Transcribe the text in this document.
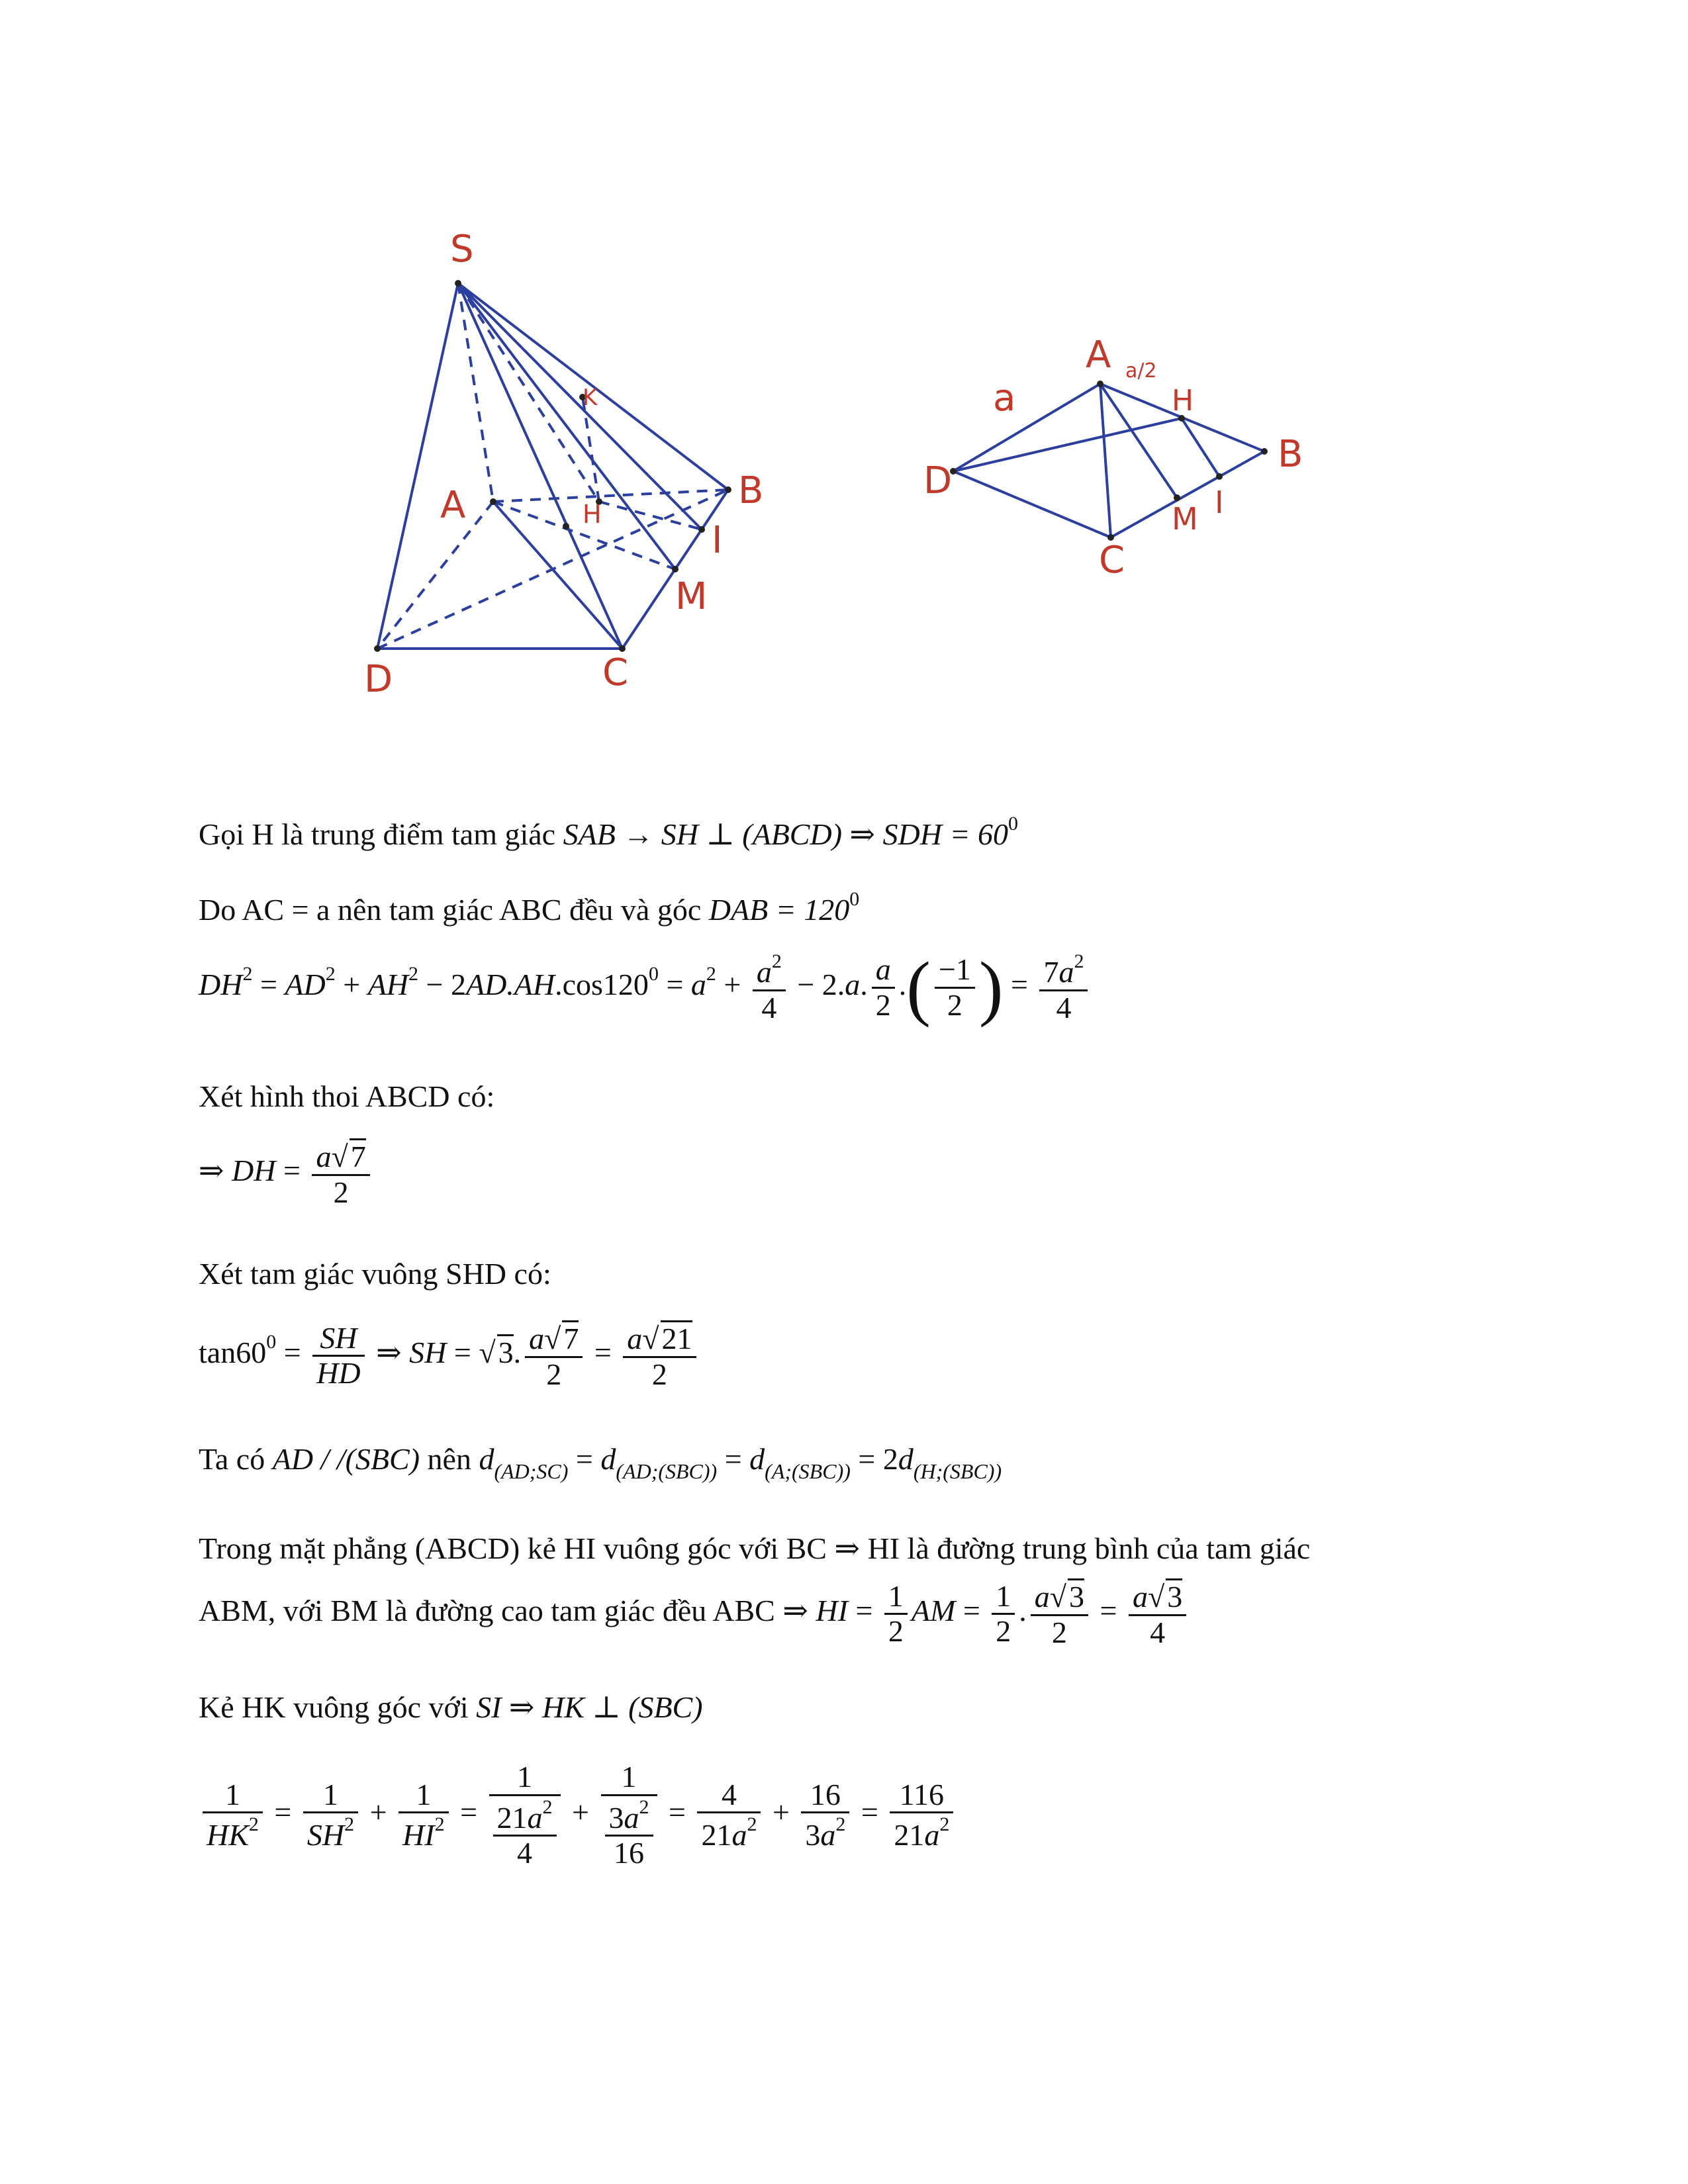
S
A	H
K
B
I
M
D	C
A a/2
H
a
B
D	I
M
C
Gọi H là trung điểm tam giác SAB → SH ⊥ (ABCD) ⇒ SDH = $60^0$
Do AC = a nên tam giác ABC đều và góc DAB = $120^0$
$DH^2 = AD^2 + AH^2 - 2AD.AH.\cos 120^0 = a^2 + \frac{a^2}{4} - 2.a$. $\frac{a}{2}$ .( $\frac{-1}{2}$ ) = $\frac{7a^2}{4}$
Xét hình thoi ABCD có:
⇒ DH = $\frac{a√7}{2}$
Xét tam giác vuông SHD có:
$\tan 60^0 = \frac{SH}{HD}$ ⇒ SH = √3. $\frac{a√7}{2} = \frac{a√21}{2}$
Ta có AD / /(SBC) nên $d_{(AD;SC)} = d_{(AD;(SBC))} = d_{(A;(SBC))} = 2d_{(H;(SBC))}$
Trong mặt phẳng (ABCD) kẻ HI vuông góc với BC ⇒ HI là đường trung bình của tam giác
ABM, với BM là đường cao tam giác đều ABC ⇒ HI = $\frac{1}{2}$ AM = $\frac{1}{2}$ . $\frac{a√3}{2} = \frac{a√3}{4}$
Kẻ HK vuông góc với SI ⇒ HK ⊥ (SBC)
$\frac{1}{HK^2} = \frac{1}{SH^2} + \frac{1}{HI^2} = \frac{1}{\frac{21a^2}{4}} + \frac{1}{\frac{3a^2}{16}} = \frac{4}{21a^2} + \frac{16}{3a^2} = \frac{116}{21a^2}$
